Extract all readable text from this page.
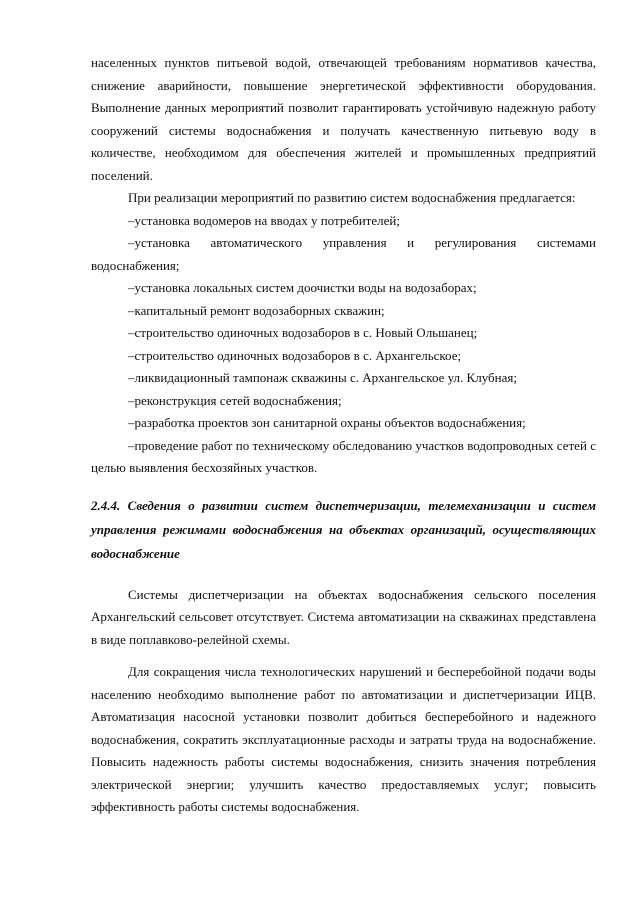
населенных пунктов питьевой водой, отвечающей требованиям нормативов качества, снижение аварийности, повышение энергетической эффективности оборудования. Выполнение данных мероприятий позволит гарантировать устойчивую надежную работу сооружений системы водоснабжения и получать качественную питьевую воду в количестве, необходимом для обеспечения жителей и промышленных предприятий поселений.

При реализации мероприятий по развитию систем водоснабжения предлагается:

–установка водомеров на вводах у потребителей;

–установка автоматического управления и регулирования системами водоснабжения;

–установка локальных систем доочистки воды на водозаборах;

–капитальный ремонт водозаборных скважин;

–строительство одиночных водозаборов в с. Новый Ольшанец;

–строительство одиночных водозаборов в с. Архангельское;

–ликвидационный тампонаж скважины с. Архангельское ул. Клубная;

–реконструкция сетей водоснабжения;

–разработка проектов зон санитарной охраны объектов водоснабжения;

–проведение работ по техническому обследованию участков водопроводных сетей с целью выявления бесхозяйных участков.

2.4.4. Сведения о развитии систем диспетчеризации, телемеханизации и систем управления режимами водоснабжения на объектах организаций, осуществляющих водоснабжение

Системы диспетчеризации на объектах водоснабжения сельского поселения Архангельский сельсовет отсутствует. Система автоматизации на скважинах представлена в виде поплавково-релейной схемы.

Для сокращения числа технологических нарушений и бесперебойной подачи воды населению необходимо выполнение работ по автоматизации и диспетчеризации ИЦВ. Автоматизация насосной установки позволит добиться бесперебойного и надежного водоснабжения, сократить эксплуатационные расходы и затраты труда на водоснабжение. Повысить надежность работы системы водоснабжения, снизить значения потребления электрической энергии; улучшить качество предоставляемых услуг; повысить эффективность работы системы водоснабжения.
